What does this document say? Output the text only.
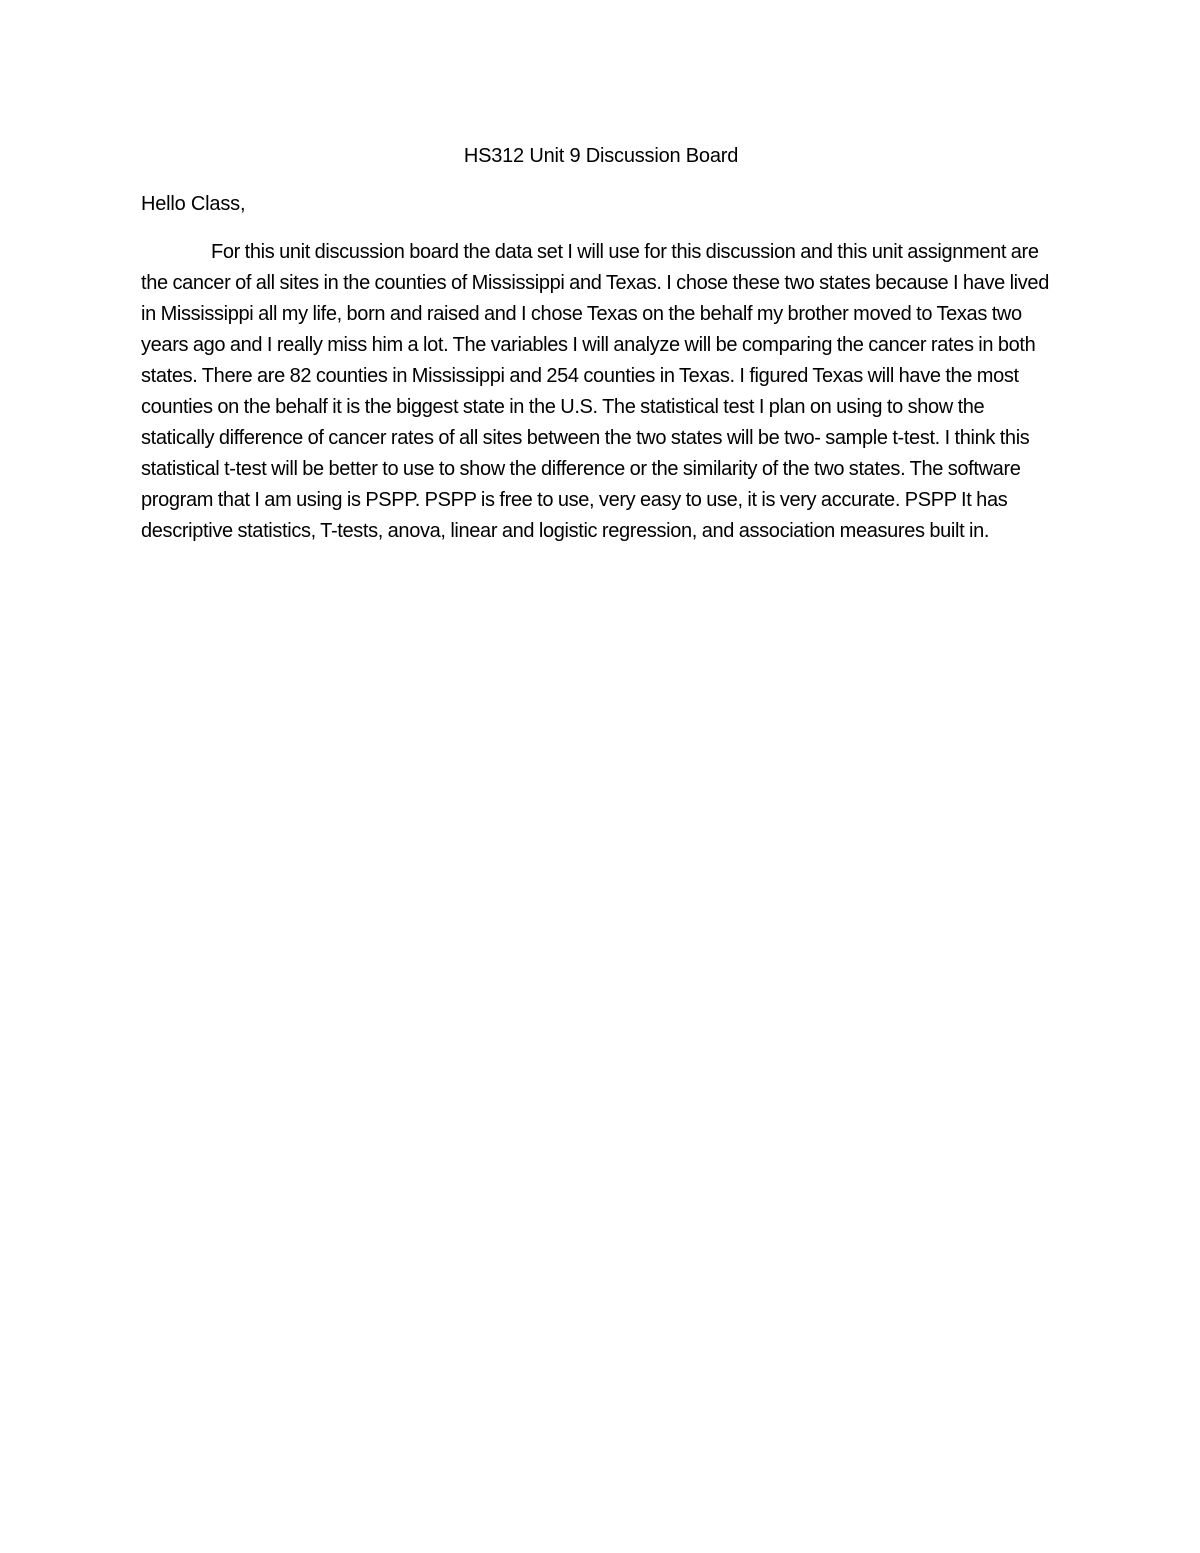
HS312 Unit 9 Discussion Board

Hello Class,

For this unit discussion board the data set I will use for this discussion and this unit assignment are the cancer of all sites in the counties of Mississippi and Texas. I chose these two states because I have lived in Mississippi all my life, born and raised and I chose Texas on the behalf my brother moved to Texas two years ago and I really miss him a lot. The variables I will analyze will be comparing the cancer rates in both states. There are 82 counties in Mississippi and 254 counties in Texas. I figured Texas will have the most counties on the behalf it is the biggest state in the U.S. The statistical test I plan on using to show the statically difference of cancer rates of all sites between the two states will be two- sample t-test. I think this statistical t-test will be better to use to show the difference or the similarity of the two states. The software program that I am using is PSPP. PSPP is free to use, very easy to use, it is very accurate. PSPP It has descriptive statistics, T-tests, anova, linear and logistic regression, and association measures built in.
